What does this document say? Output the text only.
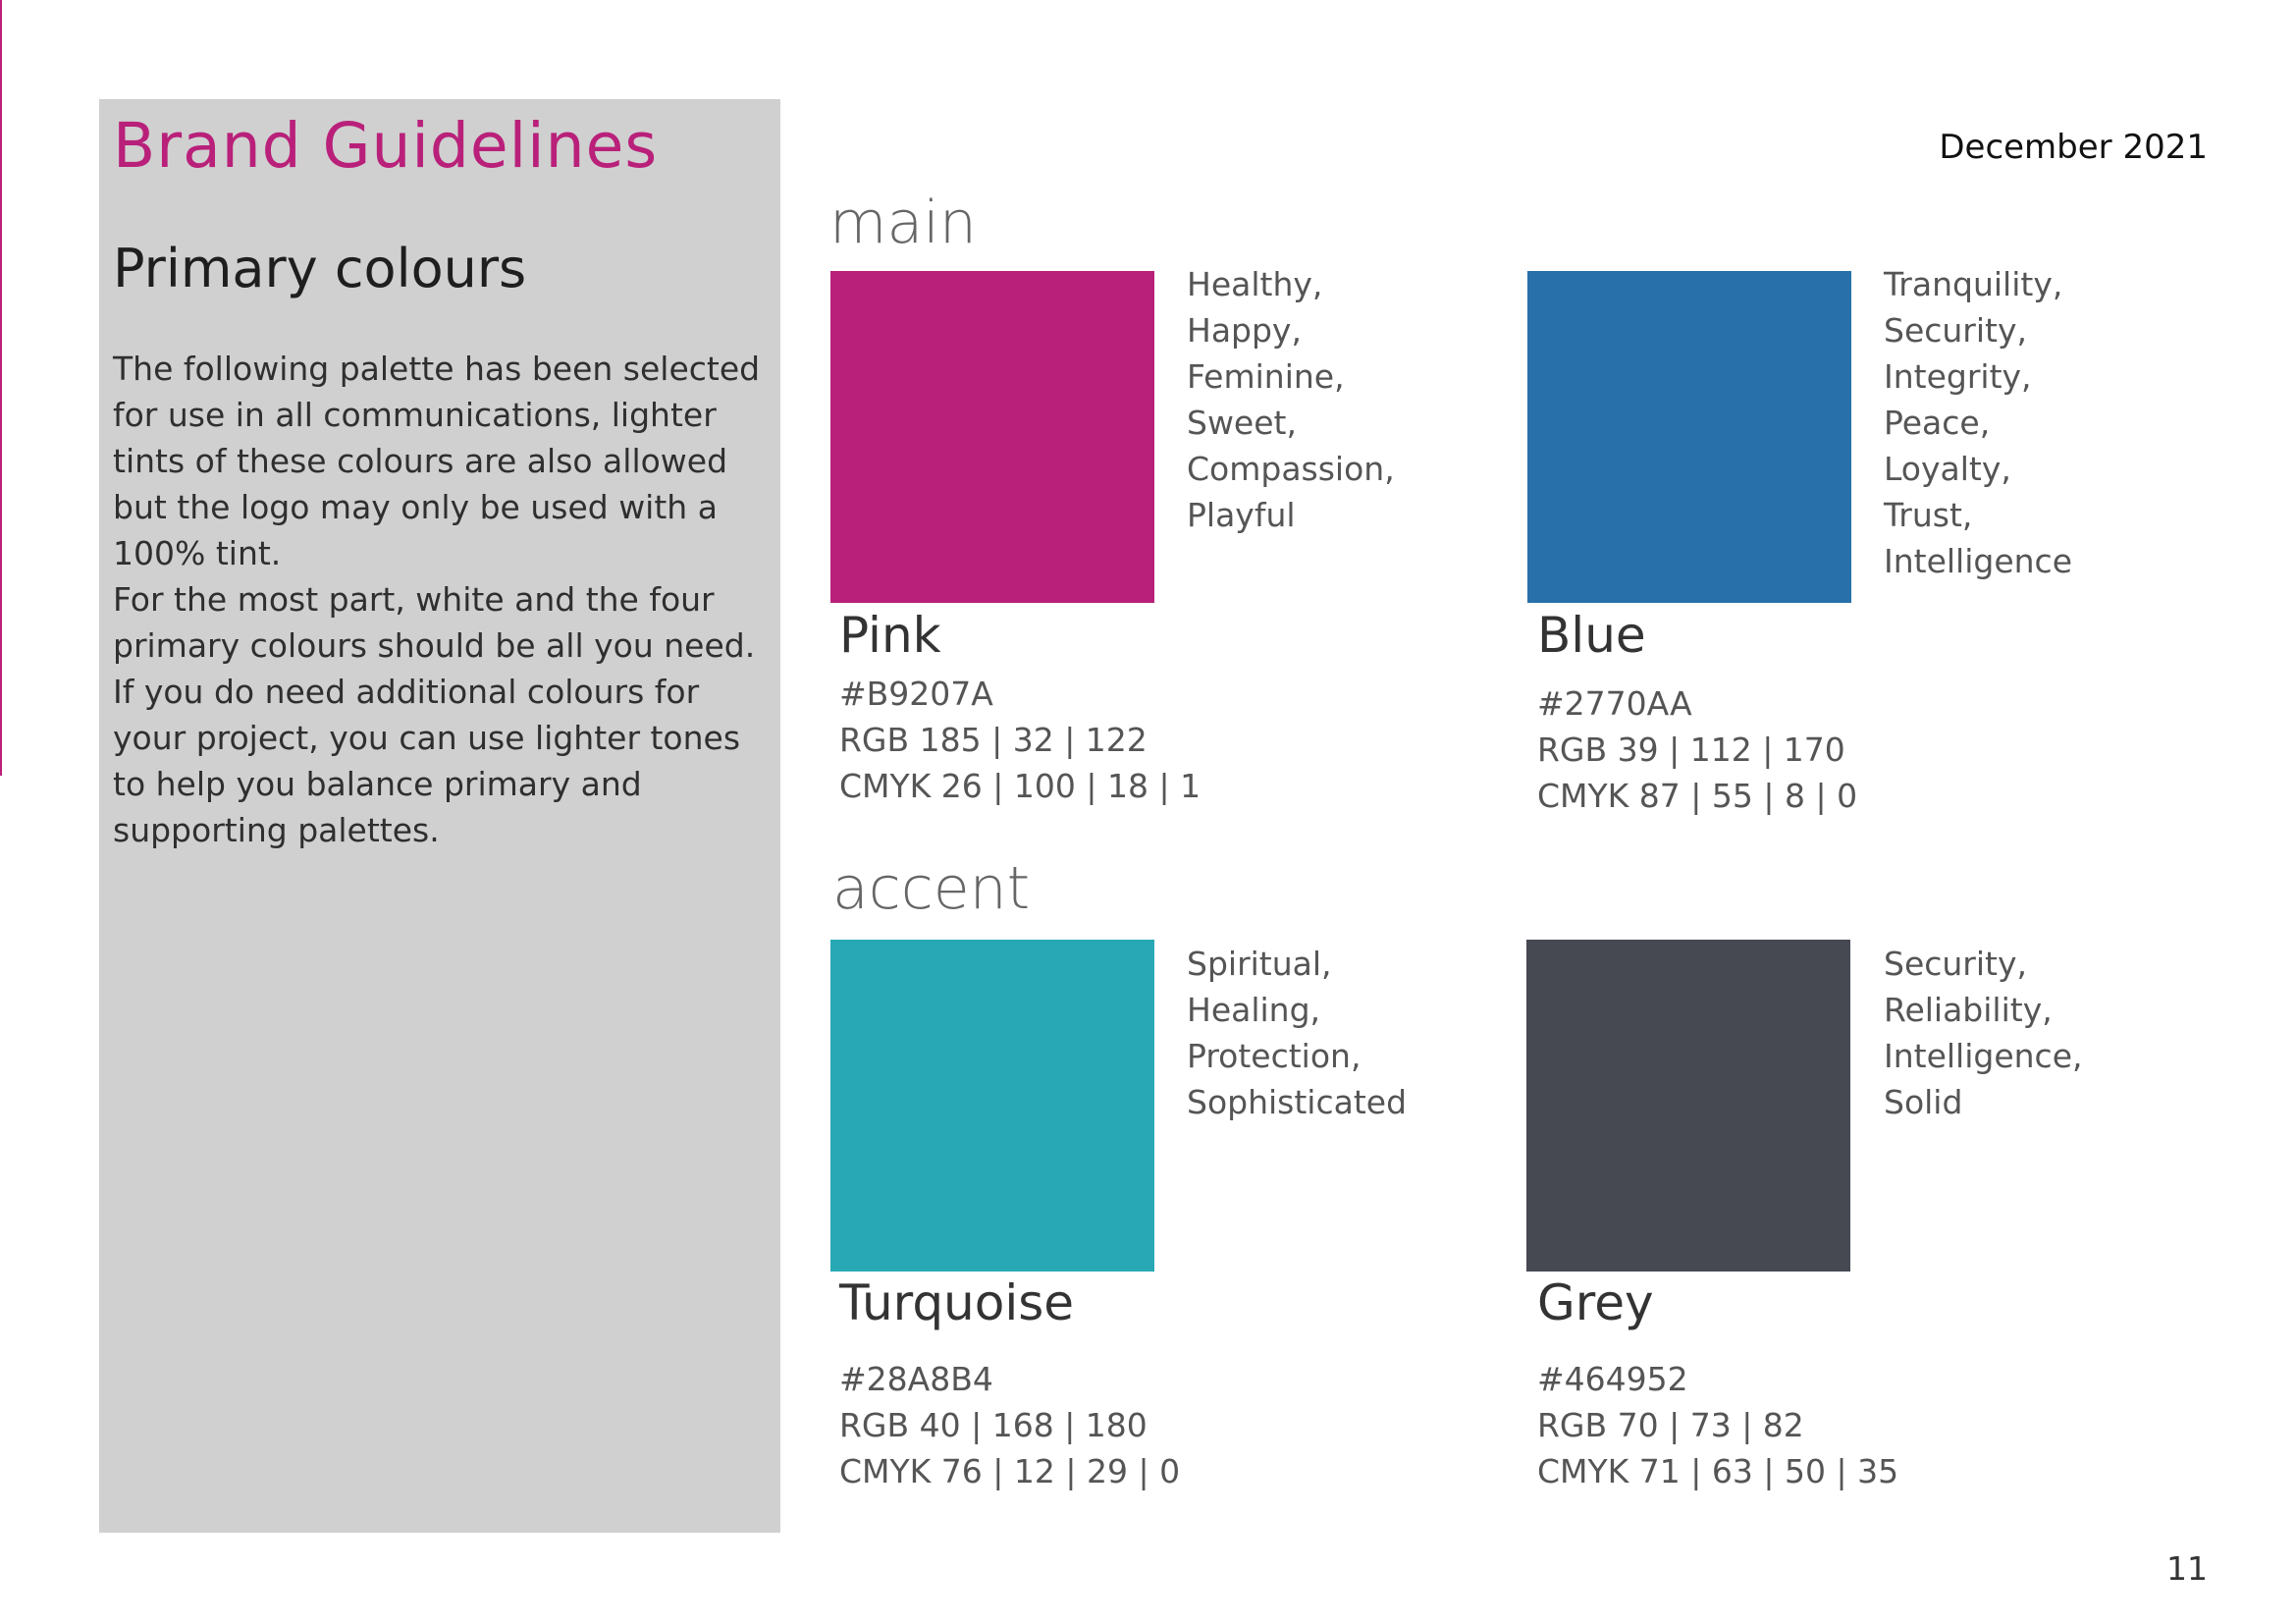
Brand Guidelines	December 2021
Primary colours

The following palette has been selected for use in all communications, lighter tints of these colours are also allowed but the logo may only be used with a 100% tint.

For the most part, white and the four primary colours should be all you need. If you do need additional colours for your project, you can use lighter tones to help you balance primary and supporting palettes.

main
accent
Healthy,
Happy,
Feminine,
Sweet,
Compassion,
Playful
Pink
#B9207A
RGB 185 | 32 | 122
CMYK 26 | 100 | 18 | 1
Tranquility,
Security,
Integrity,
Peace,
Loyalty,
Trust,
Intelligence
Blue
#2770AA
RGB 39 | 112 | 170
CMYK 87 | 55 | 8 | 0
Spiritual,
Healing,
Protection,
Sophisticated
Turquoise
#28A8B4
RGB 40 | 168 | 180
CMYK 76 | 12 | 29 | 0
Security,
Reliability,
Intelligence,
Solid
Grey
#464952
RGB 70 | 73 | 82
CMYK 71 | 63 | 50 | 35
11
